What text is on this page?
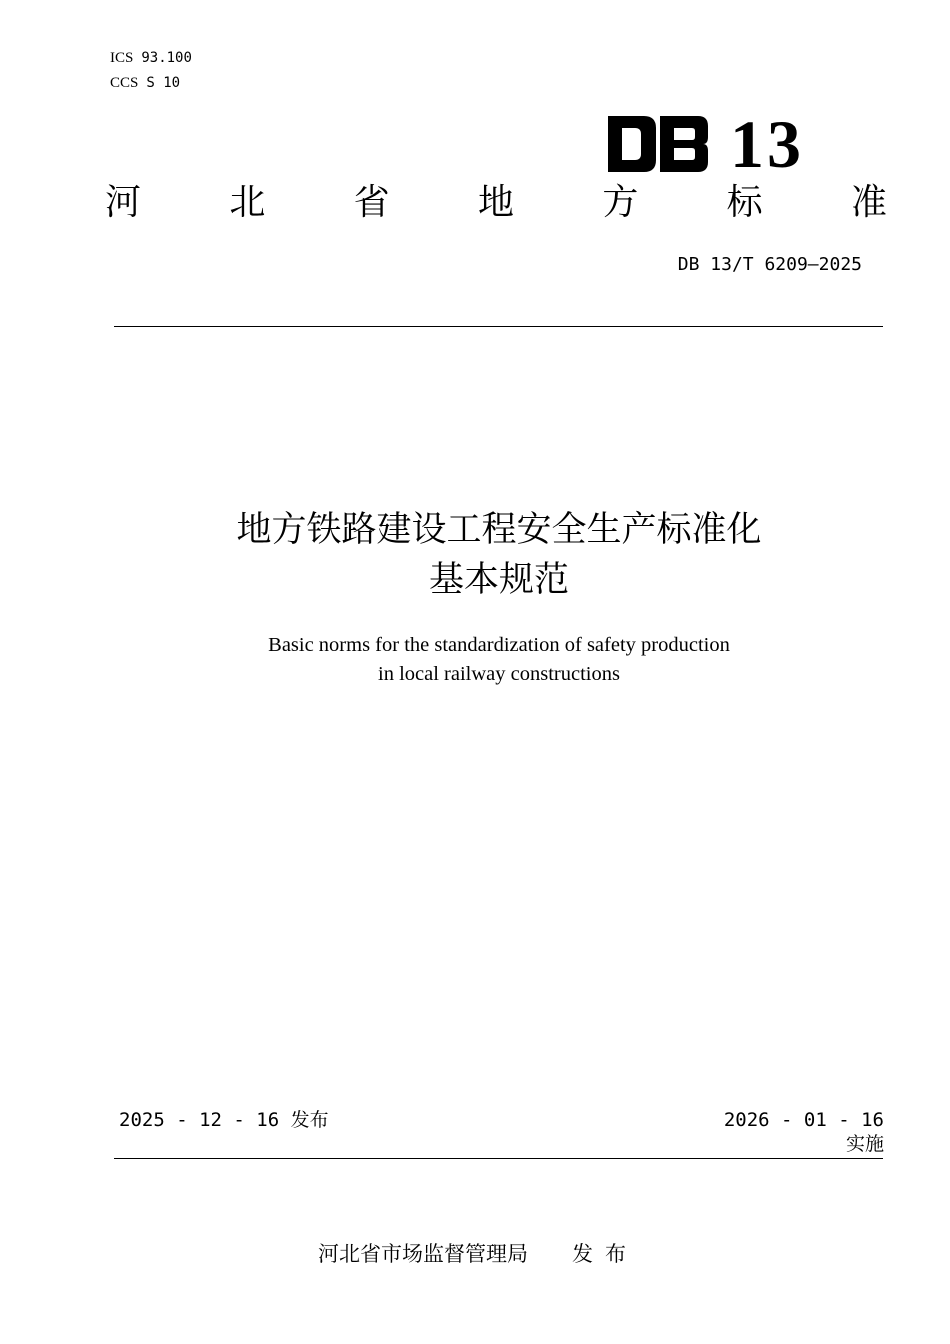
ICS 93.100
CCS S 10
13
河 北 省 地 方 标 准
DB 13/T 6209—2025
地方铁路建设工程安全生产标准化
基本规范
Basic norms for the standardization of safety production
in local railway constructions
2025 - 12 - 16 发布	2026 - 01 - 16
实施
河北省市场监督管理局 发布
